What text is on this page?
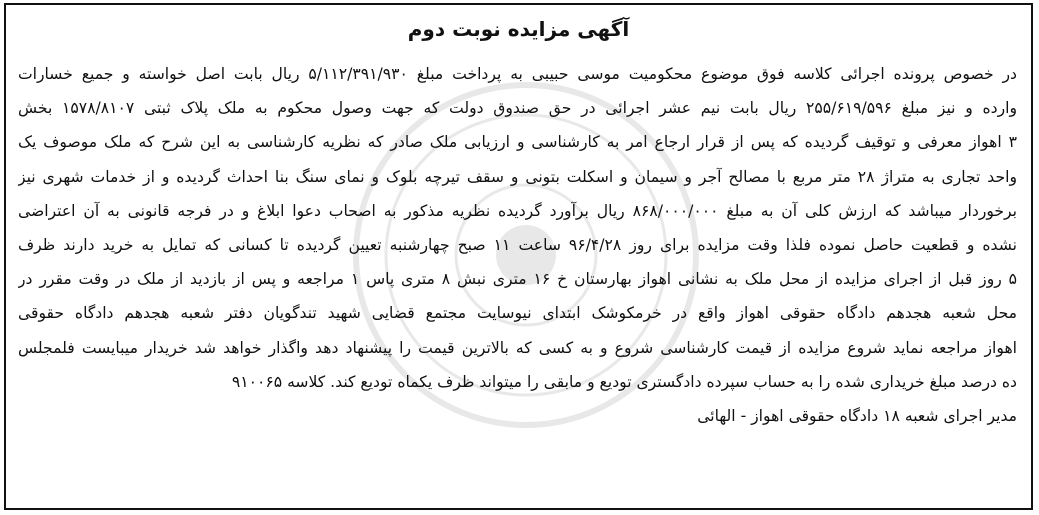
آگهی مزایده نوبت دوم
در خصوص پرونده اجرائی کلاسه فوق موضوع محکومیت موسی حبیبی به پرداخت مبلغ ۵/۱۱۲/۳۹۱/۹۳۰ ریال بابت اصل خواسته و جمیع خسارات
وارده و نیز مبلغ ۲۵۵/۶۱۹/۵۹۶ ریال بابت نیم عشر اجرائی در حق صندوق دولت که جهت وصول محکوم به ملک پلاک ثبتی ۱۵۷۸/۸۱۰۷ بخش
۳ اهواز معرفی و توقیف گردیده که پس از قرار ارجاع امر به کارشناسی و ارزیابی ملک صادر که نظریه کارشناسی به این شرح که ملک موصوف یک
واحد تجاری به متراژ ۲۸ متر مربع با مصالح آجر و سیمان و اسکلت بتونی و سقف تیرچه بلوک و نمای سنگ بنا احداث گردیده و از خدمات شهری نیز
برخوردار میباشد که ارزش کلی آن به مبلغ ۸۶۸/۰۰۰/۰۰۰ ریال برآورد گردیده نظریه مذکور به اصحاب دعوا ابلاغ و در فرجه قانونی به آن اعتراضی
نشده و قطعیت حاصل نموده فلذا وقت مزایده برای روز ۹۶/۴/۲۸ ساعت ۱۱ صبح چهارشنبه تعیین گردیده تا کسانی که تمایل به خرید دارند ظرف
۵ روز قبل از اجرای مزایده از محل ملک به نشانی اهواز بهارستان خ ۱۶ متری نبش ۸ متری پاس ۱ مراجعه و پس از بازدید از ملک در وقت مقرر در
محل شعبه هجدهم دادگاه حقوقی اهواز واقع در خرمکوشک ابتدای نیوسایت مجتمع قضایی شهید تندگویان دفتر شعبه هجدهم دادگاه حقوقی
اهواز مراجعه نماید شروع مزایده از قیمت کارشناسی شروع و به کسی که بالاترین قیمت را پیشنهاد دهد واگذار خواهد شد خریدار میبایست فلمجلس
ده درصد مبلغ خریداری شده را به حساب سپرده دادگستری تودیع و مابقی را میتواند ظرف یکماه تودیع کند. کلاسه ۹۱۰۰۶۵
مدیر اجرای شعبه ۱۸ دادگاه حقوقی اهواز - الهائی
